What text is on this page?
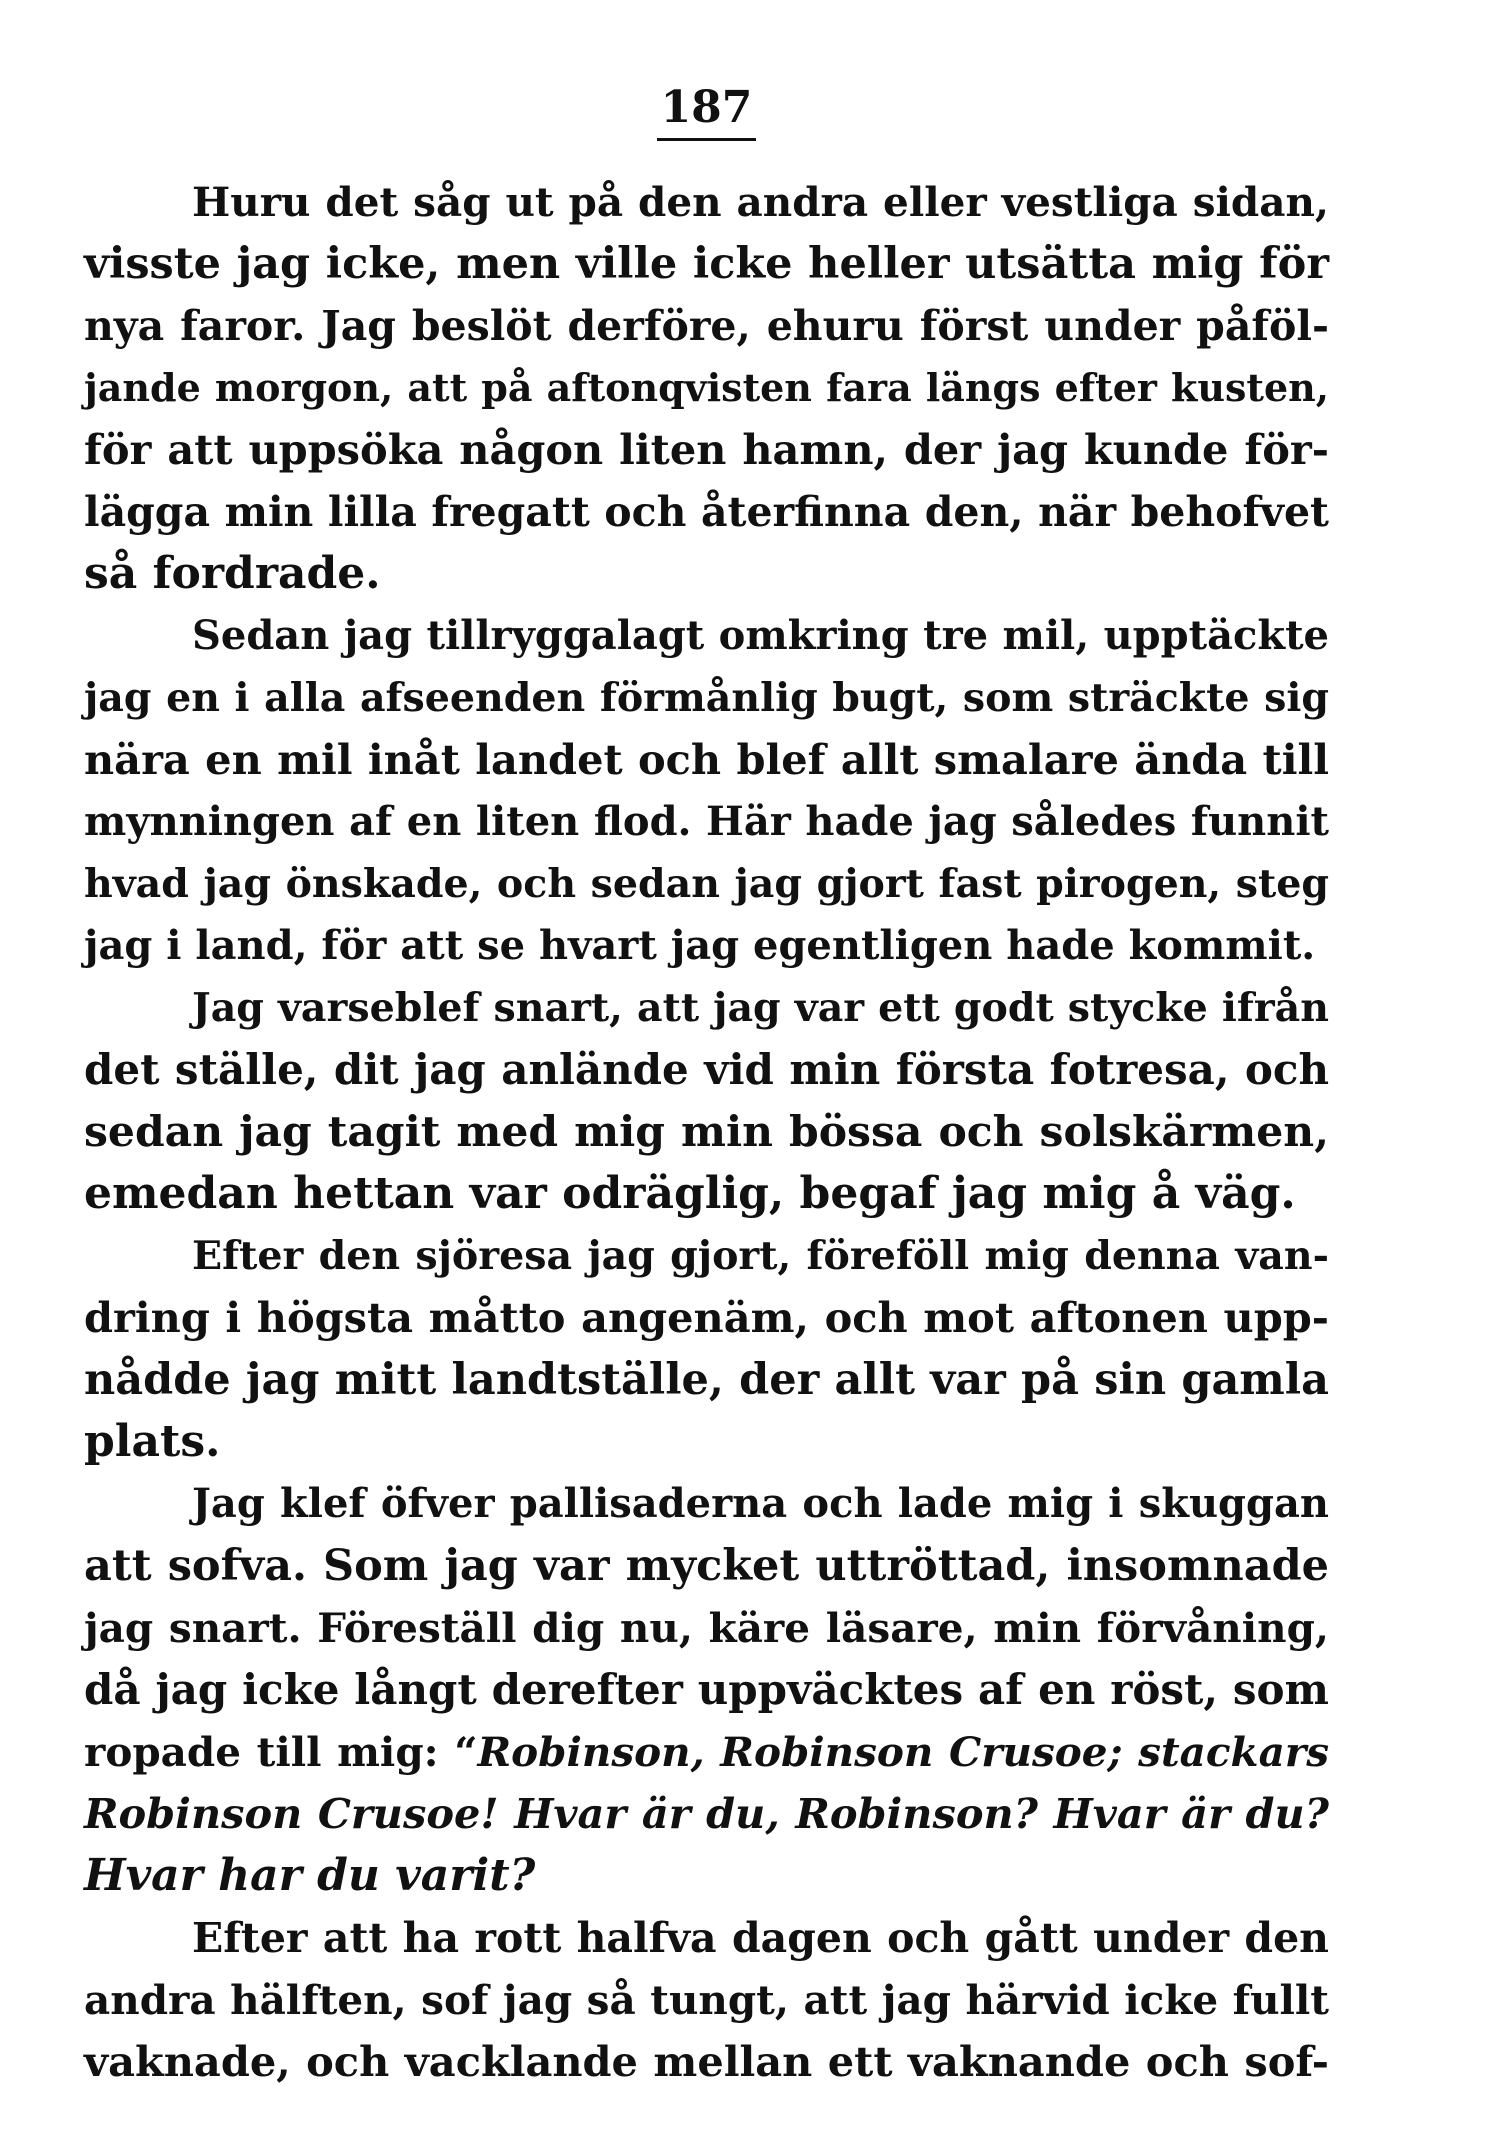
187

Huru det såg ut på den andra eller vestliga sidan,
visste jag icke, men ville icke heller utsätta mig för
nya faror. Jag beslöt derföre, ehuru först under påföl-
jande morgon, att på aftonqvisten fara längs efter kusten,
för att uppsöka någon liten hamn, der jag kunde för-
lägga min lilla fregatt och återfinna den, när behofvet
så fordrade.

Sedan jag tillryggalagt omkring tre mil, upptäckte
jag en i alla afseenden förmånlig bugt, som sträckte sig
nära en mil inåt landet och blef allt smalare ända till
mynningen af en liten flod. Här hade jag således funnit
hvad jag önskade, och sedan jag gjort fast pirogen, steg
jag i land, för att se hvart jag egentligen hade kommit.

Jag varseblef snart, att jag var ett godt stycke ifrån
det ställe, dit jag anlände vid min första fotresa, och
sedan jag tagit med mig min bössa och solskärmen,
emedan hettan var odräglig, begaf jag mig å väg.

Efter den sjöresa jag gjort, föreföll mig denna van-
dring i högsta måtto angenäm, och mot aftonen upp-
nådde jag mitt landtställe, der allt var på sin gamla
plats.

Jag klef öfver pallisaderna och lade mig i skuggan
att sofva. Som jag var mycket uttröttad, insomnade
jag snart. Föreställ dig nu, käre läsare, min förvåning,
då jag icke långt derefter uppväcktes af en röst, som
ropade till mig: “Robinson, Robinson Crusoe; stackars
Robinson Crusoe! Hvar är du, Robinson? Hvar är du?
Hvar har du varit?

Efter att ha rott halfva dagen och gått under den
andra hälften, sof jag så tungt, att jag härvid icke fullt
vaknade, och vacklande mellan ett vaknande och sof-
